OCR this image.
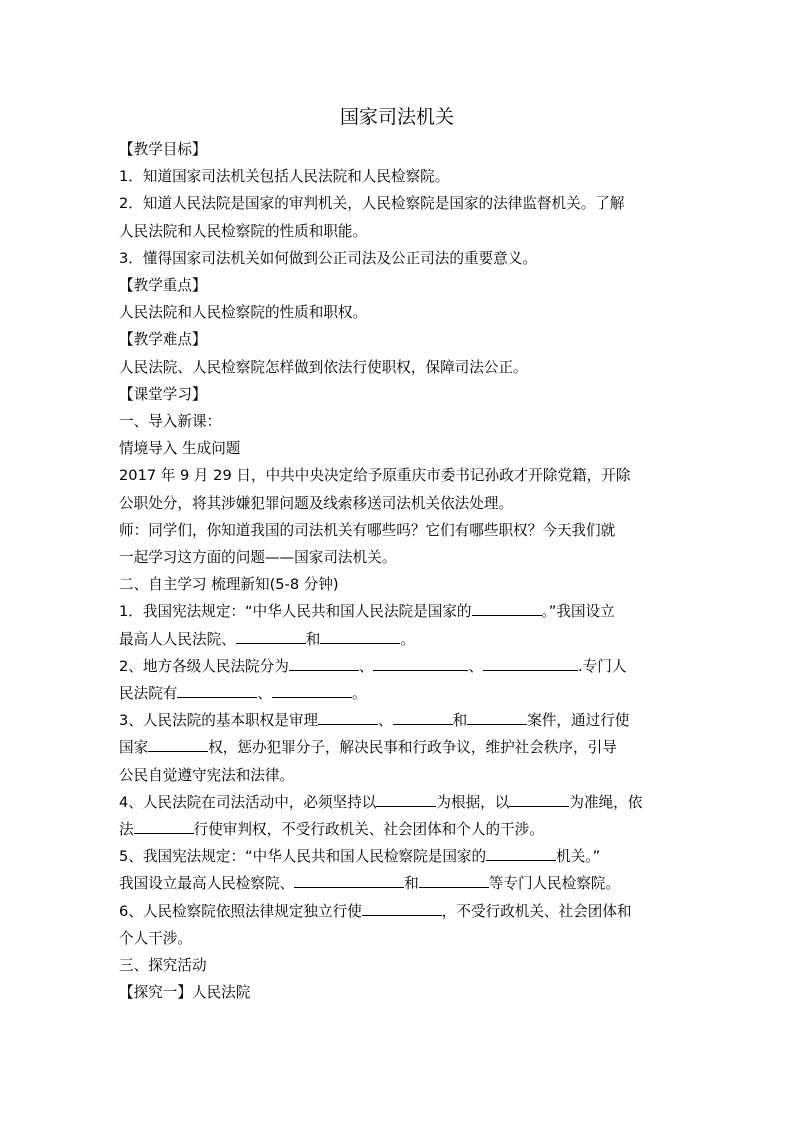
国家司法机关

【教学目标】

1．知道国家司法机关包括人民法院和人民检察院。

2．知道人民法院是国家的审判机关，人民检察院是国家的法律监督机关。了解

人民法院和人民检察院的性质和职能。

3．懂得国家司法机关如何做到公正司法及公正司法的重要意义。

【教学重点】

人民法院和人民检察院的性质和职权。

【教学难点】

人民法院、人民检察院怎样做到依法行使职权，保障司法公正。

【课堂学习】

一、导入新课：

情境导入 生成问题

2017 年 9 月 29 日，中共中央决定给予原重庆市委书记孙政才开除党籍，开除

公职处分，将其涉嫌犯罪问题及线索移送司法机关依法处理。

师：同学们，你知道我国的司法机关有哪些吗？它们有哪些职权？今天我们就

一起学习这方面的问题——国家司法机关。

二、自主学习 梳理新知(5-8 分钟)

1．我国宪法规定：“中华人民共和国人民法院是国家的	。”我国设立

最高人人民法院、	和	。

2、地方各级人民法院分为	、	、	.专门人

民法院有	、	。

3、人民法院的基本职权是审理	、	和	案件，通过行使

国家	权，惩办犯罪分子，解决民事和行政争议，维护社会秩序，引导

公民自觉遵守宪法和法律。

4、人民法院在司法活动中，必须坚持以	为根据，以	为准绳，依

法	行使审判权，不受行政机关、社会团体和个人的干涉。

5、我国宪法规定：“中华人民共和国人民检察院是国家的	机关。”

我国设立最高人民检察院、	和	等专门人民检察院。

6、人民检察院依照法律规定独立行使	，不受行政机关、社会团体和

个人干涉。

三、探究活动

【探究一】人民法院
